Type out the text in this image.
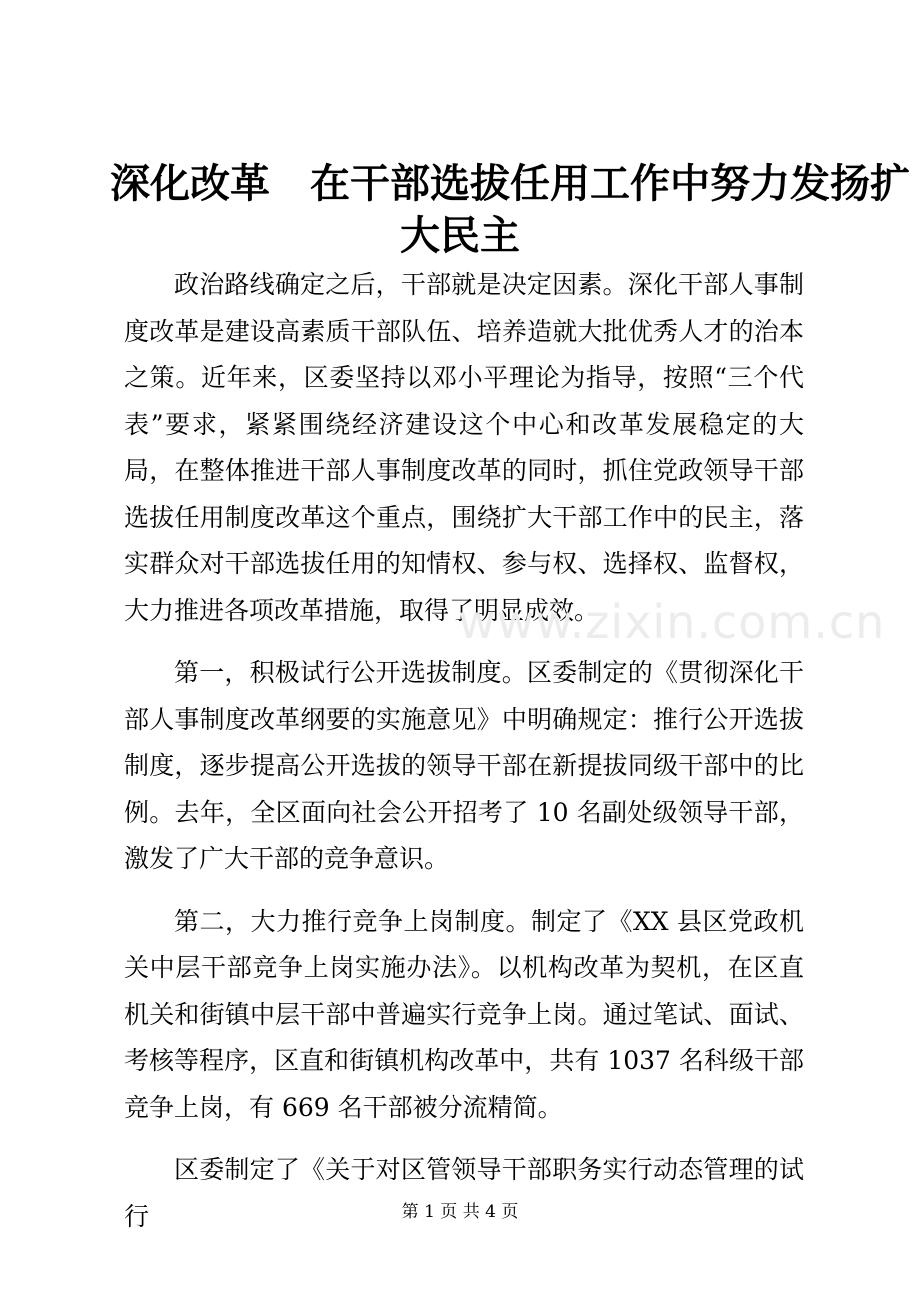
深化改革　在干部选拔任用工作中努力发扬扩
大民主

政治路线确定之后，干部就是决定因素。深化干部人事制度改革是建设高素质干部队伍、培养造就大批优秀人才的治本之策。近年来，区委坚持以邓小平理论为指导，按照“三个代表”要求，紧紧围绕经济建设这个中心和改革发展稳定的大局，在整体推进干部人事制度改革的同时，抓住党政领导干部选拔任用制度改革这个重点，围绕扩大干部工作中的民主，落实群众对干部选拔任用的知情权、参与权、选择权、监督权，大力推进各项改革措施，取得了明显成效。

第一，积极试行公开选拔制度。区委制定的《贯彻深化干部人事制度改革纲要的实施意见》中明确规定：推行公开选拔制度，逐步提高公开选拔的领导干部在新提拔同级干部中的比例。去年，全区面向社会公开招考了 10 名副处级领导干部，激发了广大干部的竞争意识。

第二，大力推行竞争上岗制度。制定了《XX 县区党政机关中层干部竞争上岗实施办法》。以机构改革为契机，在区直机关和街镇中层干部中普遍实行竞争上岗。通过笔试、面试、考核等程序，区直和街镇机构改革中，共有 1037 名科级干部竞争上岗，有 669 名干部被分流精简。

区委制定了《关于对区管领导干部职务实行动态管理的试行

www.zixin.com.cn
第 1 页 共 4 页
